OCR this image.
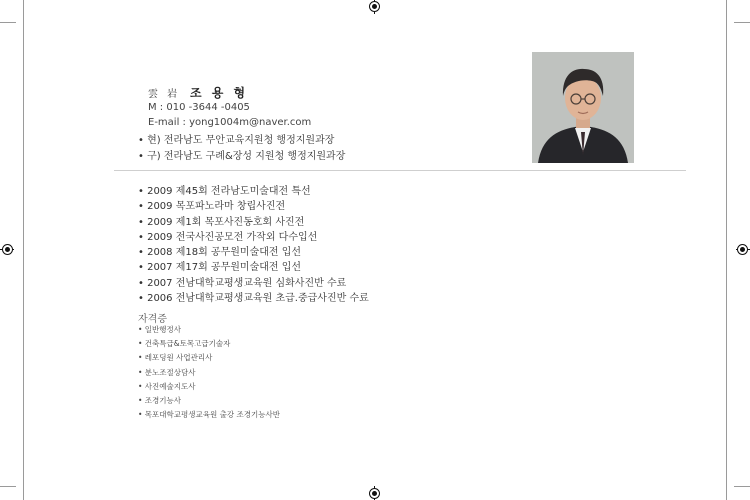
雲 岩 조 용 형
M : 010 -3644 -0405
E-mail : yong1004m@naver.com
• 현) 전라남도 무안교육지원청 행정지원과장
• 구) 전라남도 구례&장성 지원청 행정지원과장
• 2009 제45회 전라남도미술대전 특선
• 2009 목포파노라마 창립사진전
• 2009 제1회 목포사진동호회 사진전
• 2009 전국사진공모전 가작외 다수입선
• 2008 제18회 공무원미술대전 입선
• 2007 제17회 공무원미술대전 입선
• 2007 전남대학교평생교육원 심화사진반 수료
• 2006 전남대학교평생교육원 초급.중급사진반 수료
자격증
• 일반행정사
• 건축특급&토목고급기술자
• 레포딩원 사업관리사
• 분노조절상담사
• 사진예술지도사
• 조경기능사
• 목포대학교평생교육원 출강 조경기능사반
